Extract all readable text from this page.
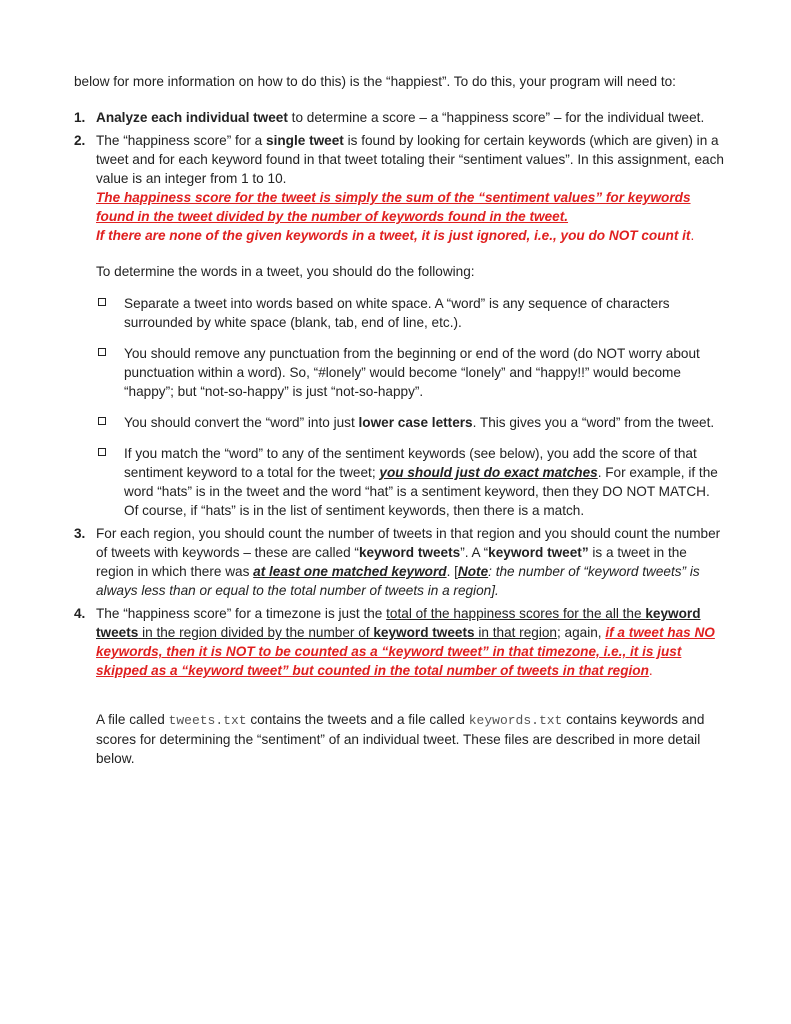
below for more information on how to do this) is the “happiest”. To do this, your program will need to:

1. Analyze each individual tweet to determine a score – a “happiness score” – for the individual tweet.

2. The “happiness score” for a single tweet is found by looking for certain keywords (which are given) in a tweet and for each keyword found in that tweet totaling their “sentiment values”. In this assignment, each value is an integer from 1 to 10.

The happiness score for the tweet is simply the sum of the “sentiment values” for keywords found in the tweet divided by the number of keywords found in the tweet.

If there are none of the given keywords in a tweet, it is just ignored, i.e., you do NOT count it.

To determine the words in a tweet, you should do the following:

Separate a tweet into words based on white space. A “word” is any sequence of characters surrounded by white space (blank, tab, end of line, etc.).

You should remove any punctuation from the beginning or end of the word (do NOT worry about punctuation within a word). So, “#lonely” would become “lonely” and “happy!!” would become “happy”; but “not-so-happy” is just “not-so-happy”.

You should convert the “word” into just lower case letters. This gives you a “word” from the tweet.

If you match the “word” to any of the sentiment keywords (see below), you add the score of that sentiment keyword to a total for the tweet; you should just do exact matches. For example, if the word “hats” is in the tweet and the word “hat” is a sentiment keyword, then they DO NOT MATCH. Of course, if “hats” is in the list of sentiment keywords, then there is a match.

3. For each region, you should count the number of tweets in that region and you should count the number of tweets with keywords – these are called “keyword tweets”. A “keyword tweet” is a tweet in the region in which there was at least one matched keyword. [Note: the number of “keyword tweets” is always less than or equal to the total number of tweets in a region].

4. The “happiness score” for a timezone is just the total of the happiness scores for the all the keyword tweets in the region divided by the number of keyword tweets in that region; again, if a tweet has NO keywords, then it is NOT to be counted as a “keyword tweet” in that timezone, i.e., it is just skipped as a “keyword tweet” but counted in the total number of tweets in that region.

A file called tweets.txt contains the tweets and a file called keywords.txt contains keywords and scores for determining the “sentiment” of an individual tweet. These files are described in more detail below.
